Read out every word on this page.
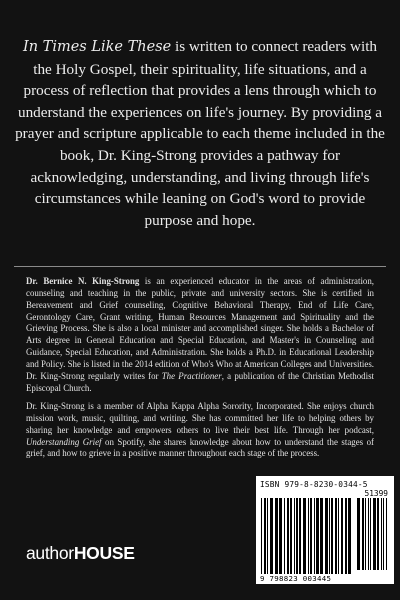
In Times Like These is written to connect readers with the Holy Gospel, their spirituality, life situations, and a process of reflection that provides a lens through which to understand the experiences on life's journey. By providing a prayer and scripture applicable to each theme included in the book, Dr. King-Strong provides a pathway for acknowledging, understanding, and living through life's circumstances while leaning on God's word to provide purpose and hope.

Dr. Bernice N. King-Strong is an experienced educator in the areas of administration, counseling and teaching in the public, private and university sectors. She is certified in Bereavement and Grief counseling, Cognitive Behavioral Therapy, End of Life Care, Gerontology Care, Grant writing, Human Resources Management and Spirituality and the Grieving Process. She is also a local minister and accomplished singer. She holds a Bachelor of Arts degree in General Education and Special Education, and Master's in Counseling and Guidance, Special Education, and Administration. She holds a Ph.D. in Educational Leadership and Policy. She is listed in the 2014 edition of Who's Who at American Colleges and Universities. Dr. King-Strong regularly writes for The Practitioner, a publication of the Christian Methodist Episcopal Church.

Dr. King-Strong is a member of Alpha Kappa Alpha Sorority, Incorporated. She enjoys church mission work, music, quilting, and writing. She has committed her life to helping others by sharing her knowledge and empowers others to live their best life. Through her podcast, Understanding Grief on Spotify, she shares knowledge about how to understand the stages of grief, and how to grieve in a positive manner throughout each stage of the process.

authorHOUSE
ISBN 979-8-8230-0344-5
51399
9 798823 003445
